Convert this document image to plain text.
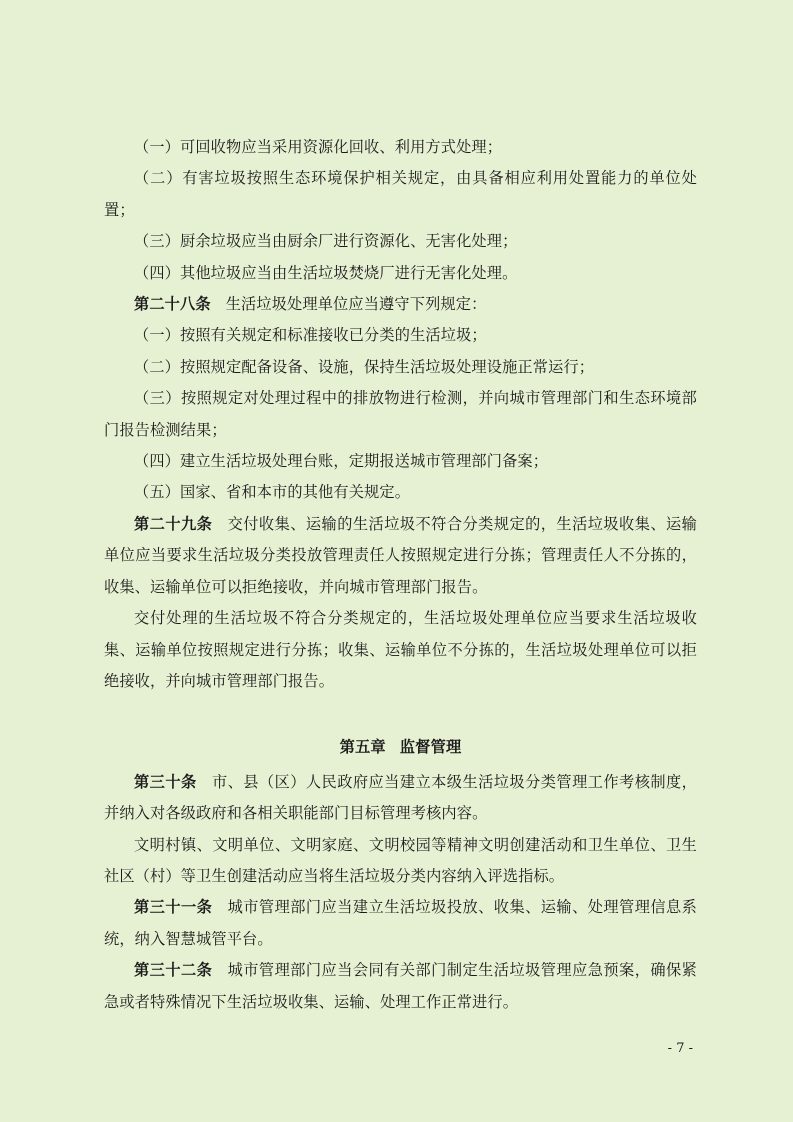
（一）可回收物应当采用资源化回收、利用方式处理；
（二）有害垃圾按照生态环境保护相关规定，由具备相应利用处置能力的单位处置；
（三）厨余垃圾应当由厨余厂进行资源化、无害化处理；
（四）其他垃圾应当由生活垃圾焚烧厂进行无害化处理。
第二十八条 生活垃圾处理单位应当遵守下列规定：
（一）按照有关规定和标准接收已分类的生活垃圾；
（二）按照规定配备设备、设施，保持生活垃圾处理设施正常运行；
（三）按照规定对处理过程中的排放物进行检测，并向城市管理部门和生态环境部门报告检测结果；
（四）建立生活垃圾处理台账，定期报送城市管理部门备案；
（五）国家、省和本市的其他有关规定。
第二十九条 交付收集、运输的生活垃圾不符合分类规定的，生活垃圾收集、运输单位应当要求生活垃圾分类投放管理责任人按照规定进行分拣；管理责任人不分拣的，收集、运输单位可以拒绝接收，并向城市管理部门报告。
交付处理的生活垃圾不符合分类规定的，生活垃圾处理单位应当要求生活垃圾收集、运输单位按照规定进行分拣；收集、运输单位不分拣的，生活垃圾处理单位可以拒绝接收，并向城市管理部门报告。
第五章 监督管理
第三十条 市、县（区）人民政府应当建立本级生活垃圾分类管理工作考核制度，并纳入对各级政府和各相关职能部门目标管理考核内容。
文明村镇、文明单位、文明家庭、文明校园等精神文明创建活动和卫生单位、卫生社区（村）等卫生创建活动应当将生活垃圾分类内容纳入评选指标。
第三十一条 城市管理部门应当建立生活垃圾投放、收集、运输、处理管理信息系统，纳入智慧城管平台。
第三十二条 城市管理部门应当会同有关部门制定生活垃圾管理应急预案，确保紧急或者特殊情况下生活垃圾收集、运输、处理工作正常进行。
- 7 -
